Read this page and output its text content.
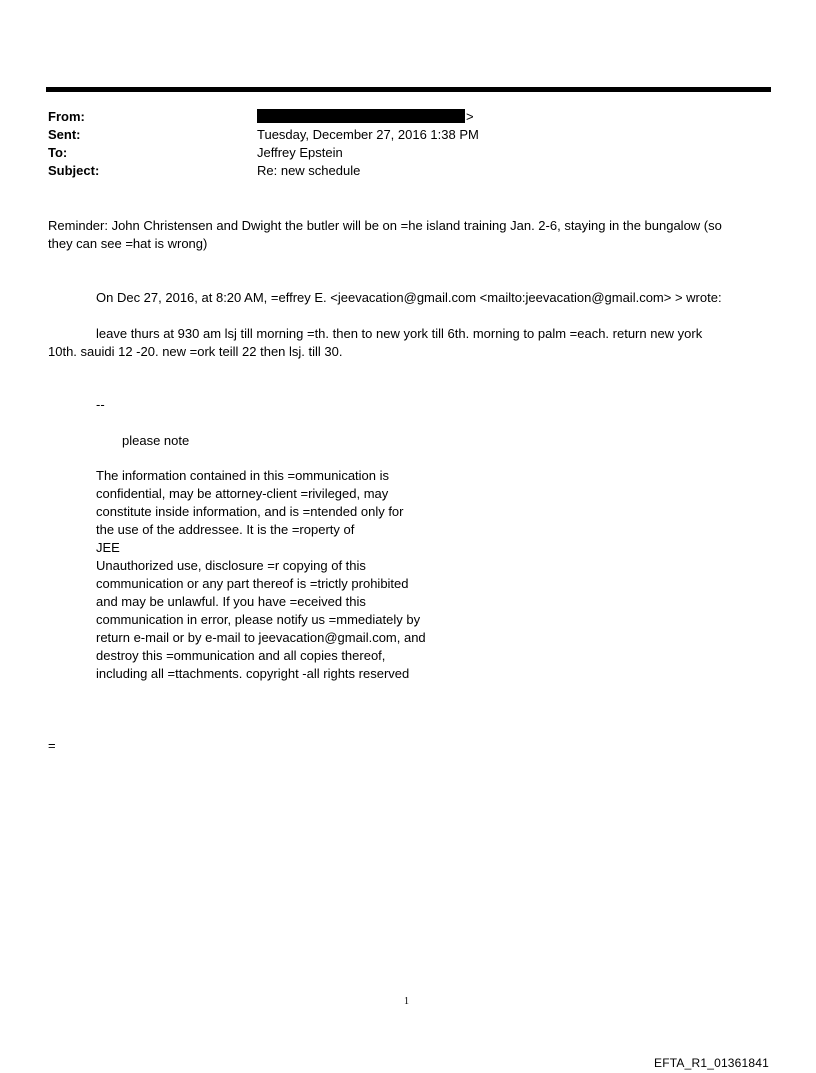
From:	>
Sent:	Tuesday, December 27, 2016 1:38 PM
To:	Jeffrey Epstein
Subject:	Re: new schedule
Reminder: John Christensen and Dwight the butler will be on =he island training Jan. 2-6, staying in the bungalow (so
they can see =hat is wrong)
On Dec 27, 2016, at 8:20 AM, =effrey E. <jeevacation@gmail.com <mailto:jeevacation@gmail.com> > wrote:
leave thurs at 930 am lsj till morning =th. then to new york till 6th. morning to palm =each. return new york
10th. sauidi 12 -20. new =ork teill 22 then lsj. till 30.
--
please note
The information contained in this =ommunication is
confidential, may be attorney-client =rivileged, may
constitute inside information, and is =ntended only for
the use of the addressee. It is the =roperty of
JEE
Unauthorized use, disclosure =r copying of this
communication or any part thereof is =trictly prohibited
and may be unlawful. If you have =eceived this
communication in error, please notify us =mmediately by
return e-mail or by e-mail to jeevacation@gmail.com, and
destroy this =ommunication and all copies thereof,
including all =ttachments. copyright -all rights reserved
=
1
EFTA_R1_01361841
